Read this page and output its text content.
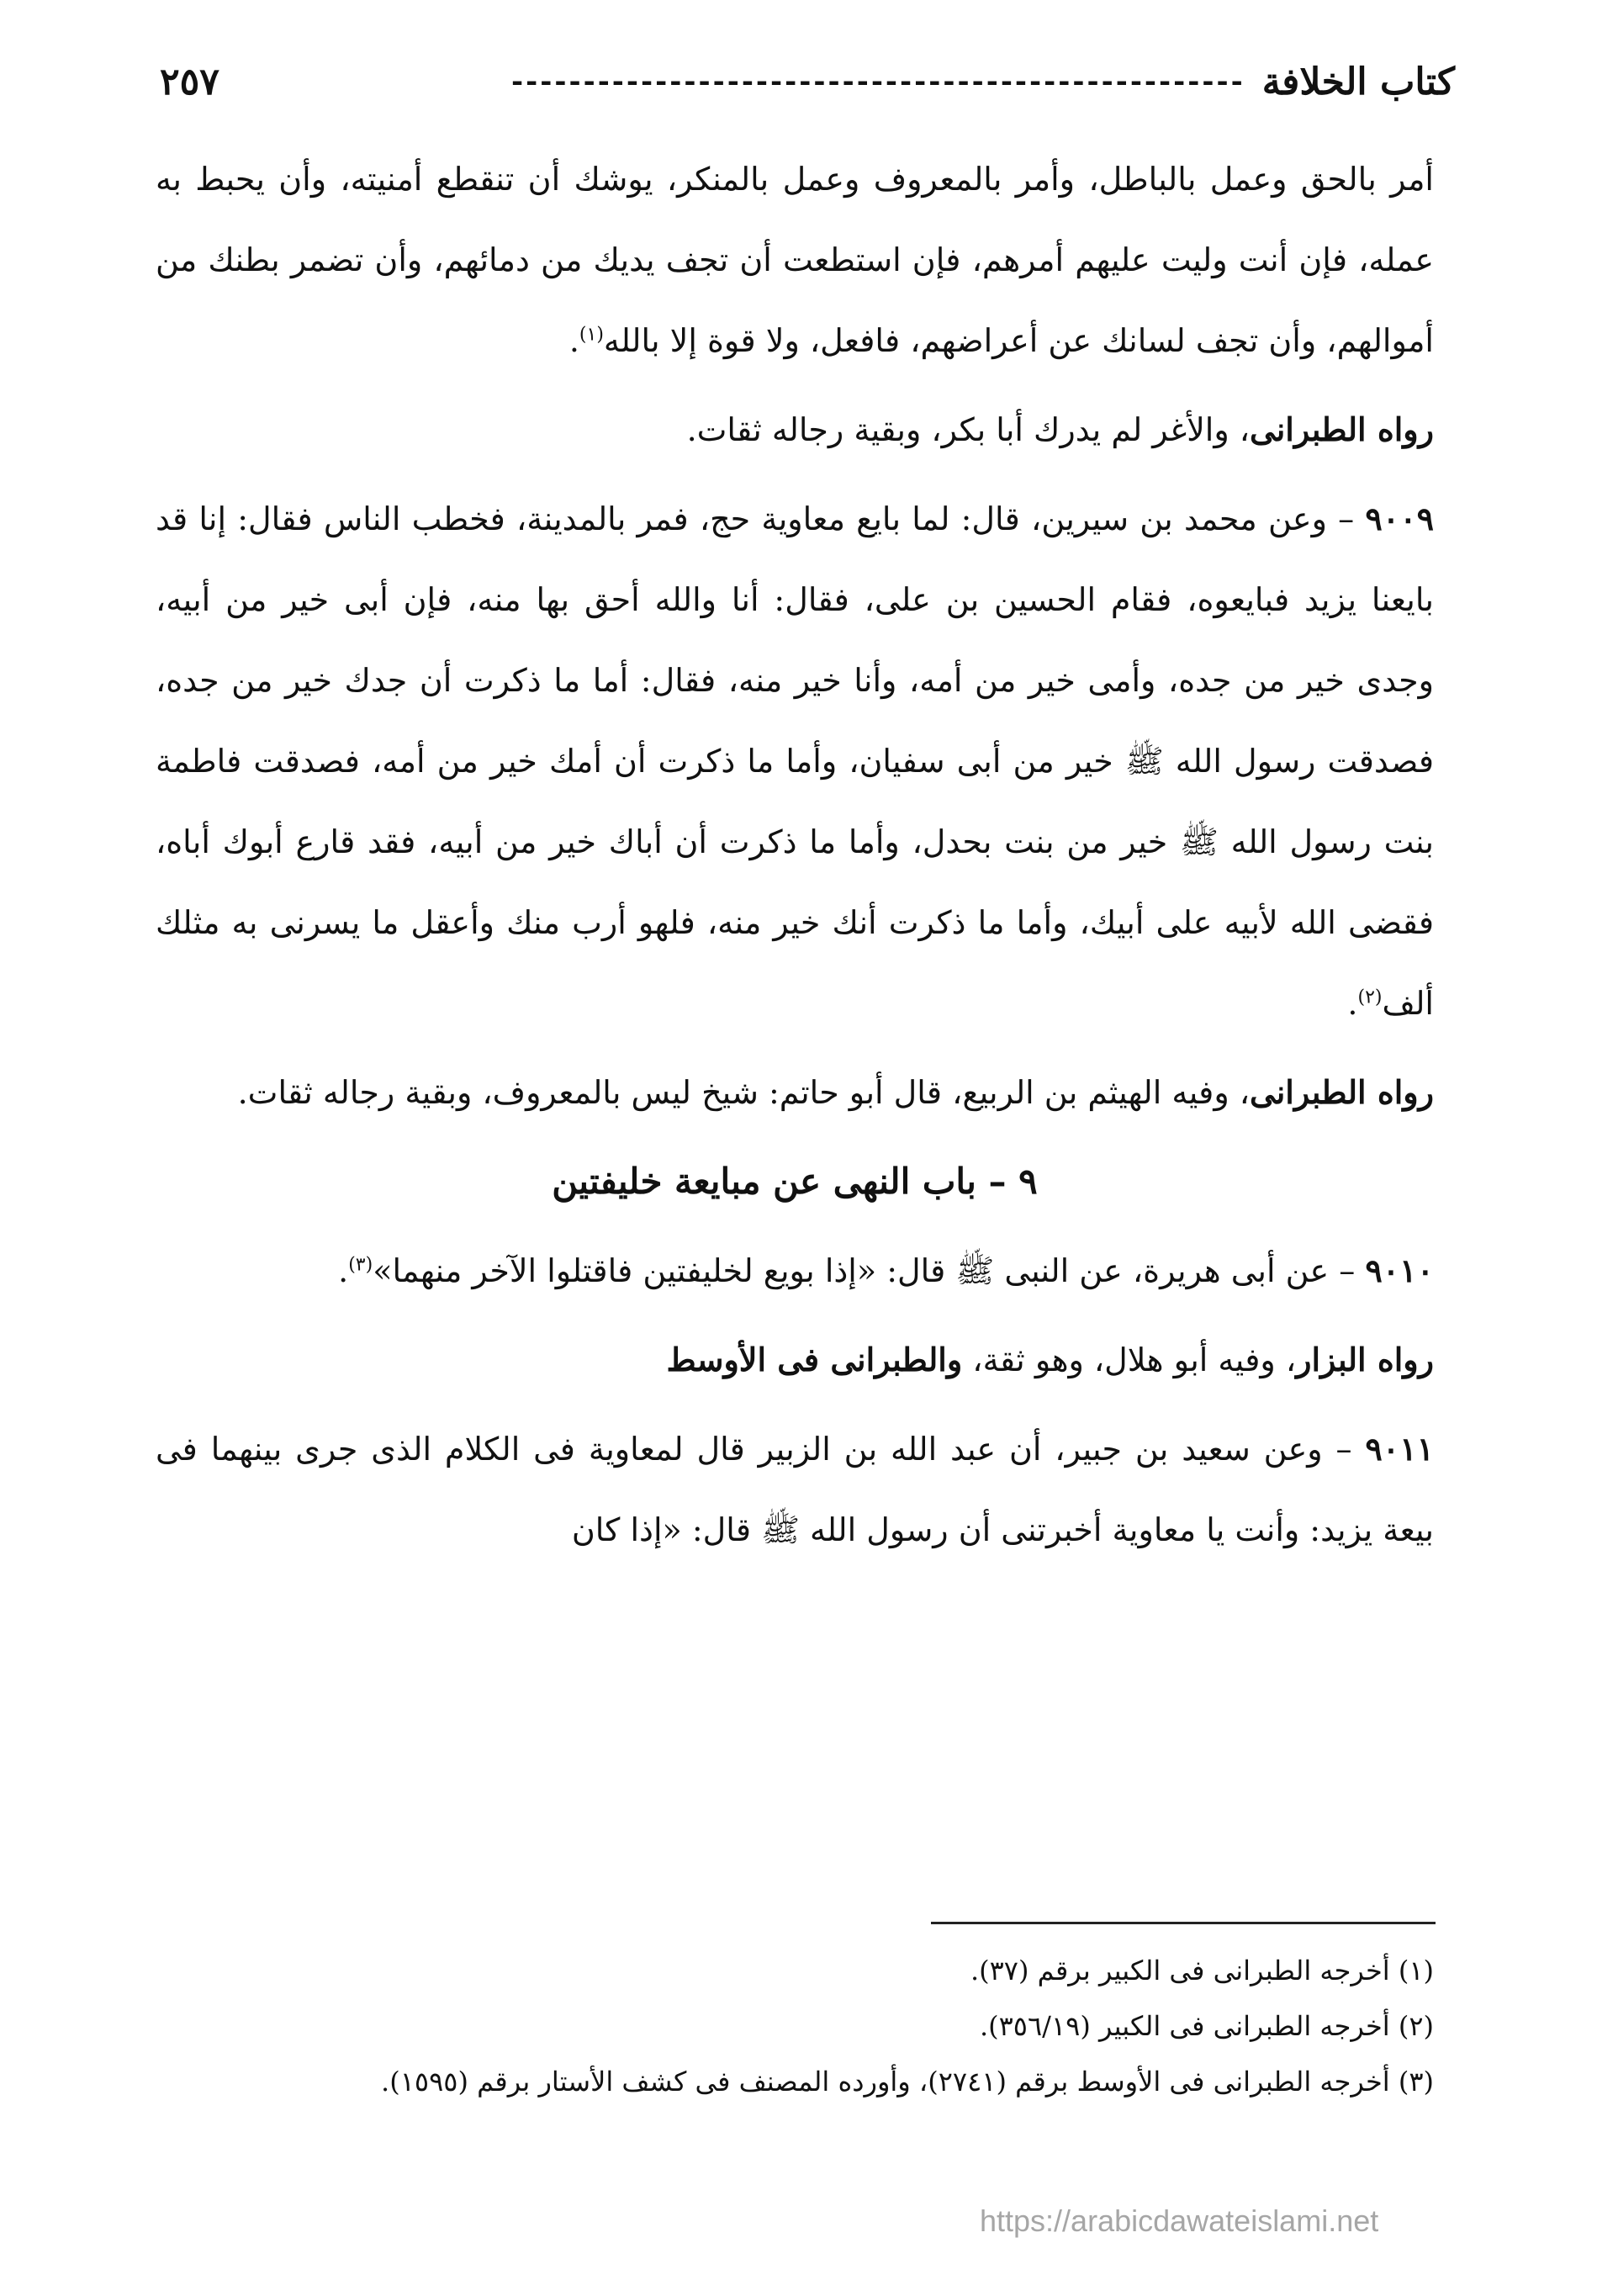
كتاب الخلافة
---------------------------------------------------
٢٥٧

أمر بالحق وعمل بالباطل، وأمر بالمعروف وعمل بالمنكر، يوشك أن تنقطع أمنيته، وأن يحبط به عمله، فإن أنت وليت عليهم أمرهم، فإن استطعت أن تجف يديك من دمائهم، وأن تضمر بطنك من أموالهم، وأن تجف لسانك عن أعراضهم، فافعل، ولا قوة إلا بالله$^{(١)}$.

رواه الطبرانى، والأغر لم يدرك أبا بكر، وبقية رجاله ثقات.

٩٠٠٩ – وعن محمد بن سيرين، قال: لما بايع معاوية حج، فمر بالمدينة، فخطب الناس فقال: إنا قد بايعنا يزيد فبايعوه، فقام الحسين بن على، فقال: أنا والله أحق بها منه، فإن أبى خير من أبيه، وجدى خير من جده، وأمى خير من أمه، وأنا خير منه، فقال: أما ما ذكرت أن جدك خير من جده، فصدقت رسول الله ﷺ خير من أبى سفيان، وأما ما ذكرت أن أمك خير من أمه، فصدقت فاطمة بنت رسول الله ﷺ خير من بنت بحدل، وأما ما ذكرت أن أباك خير من أبيه، فقد قارع أبوك أباه، فقضى الله لأبيه على أبيك، وأما ما ذكرت أنك خير منه، فلهو أرب منك وأعقل ما يسرنى به مثلك ألف$^{(٢)}$.

رواه الطبرانى، وفيه الهيثم بن الربيع، قال أبو حاتم: شيخ ليس بالمعروف، وبقية رجاله ثقات.

٩ – باب النهى عن مبايعة خليفتين

٩٠١٠ – عن أبى هريرة، عن النبى ﷺ قال: «إذا بويع لخليفتين فاقتلوا الآخر منهما»$^{(٣)}$.

رواه البزار، وفيه أبو هلال، وهو ثقة، والطبرانى فى الأوسط

٩٠١١ – وعن سعيد بن جبير، أن عبد الله بن الزبير قال لمعاوية فى الكلام الذى جرى بينهما فى بيعة يزيد: وأنت يا معاوية أخبرتنى أن رسول الله ﷺ قال: «إذا كان

(١) أخرجه الطبرانى فى الكبير برقم (٣٧).

(٢) أخرجه الطبرانى فى الكبير (٣٥٦/١٩).

(٣) أخرجه الطبرانى فى الأوسط برقم (٢٧٤١)، وأورده المصنف فى كشف الأستار برقم (١٥٩٥).

https://arabicdawateislami.net
